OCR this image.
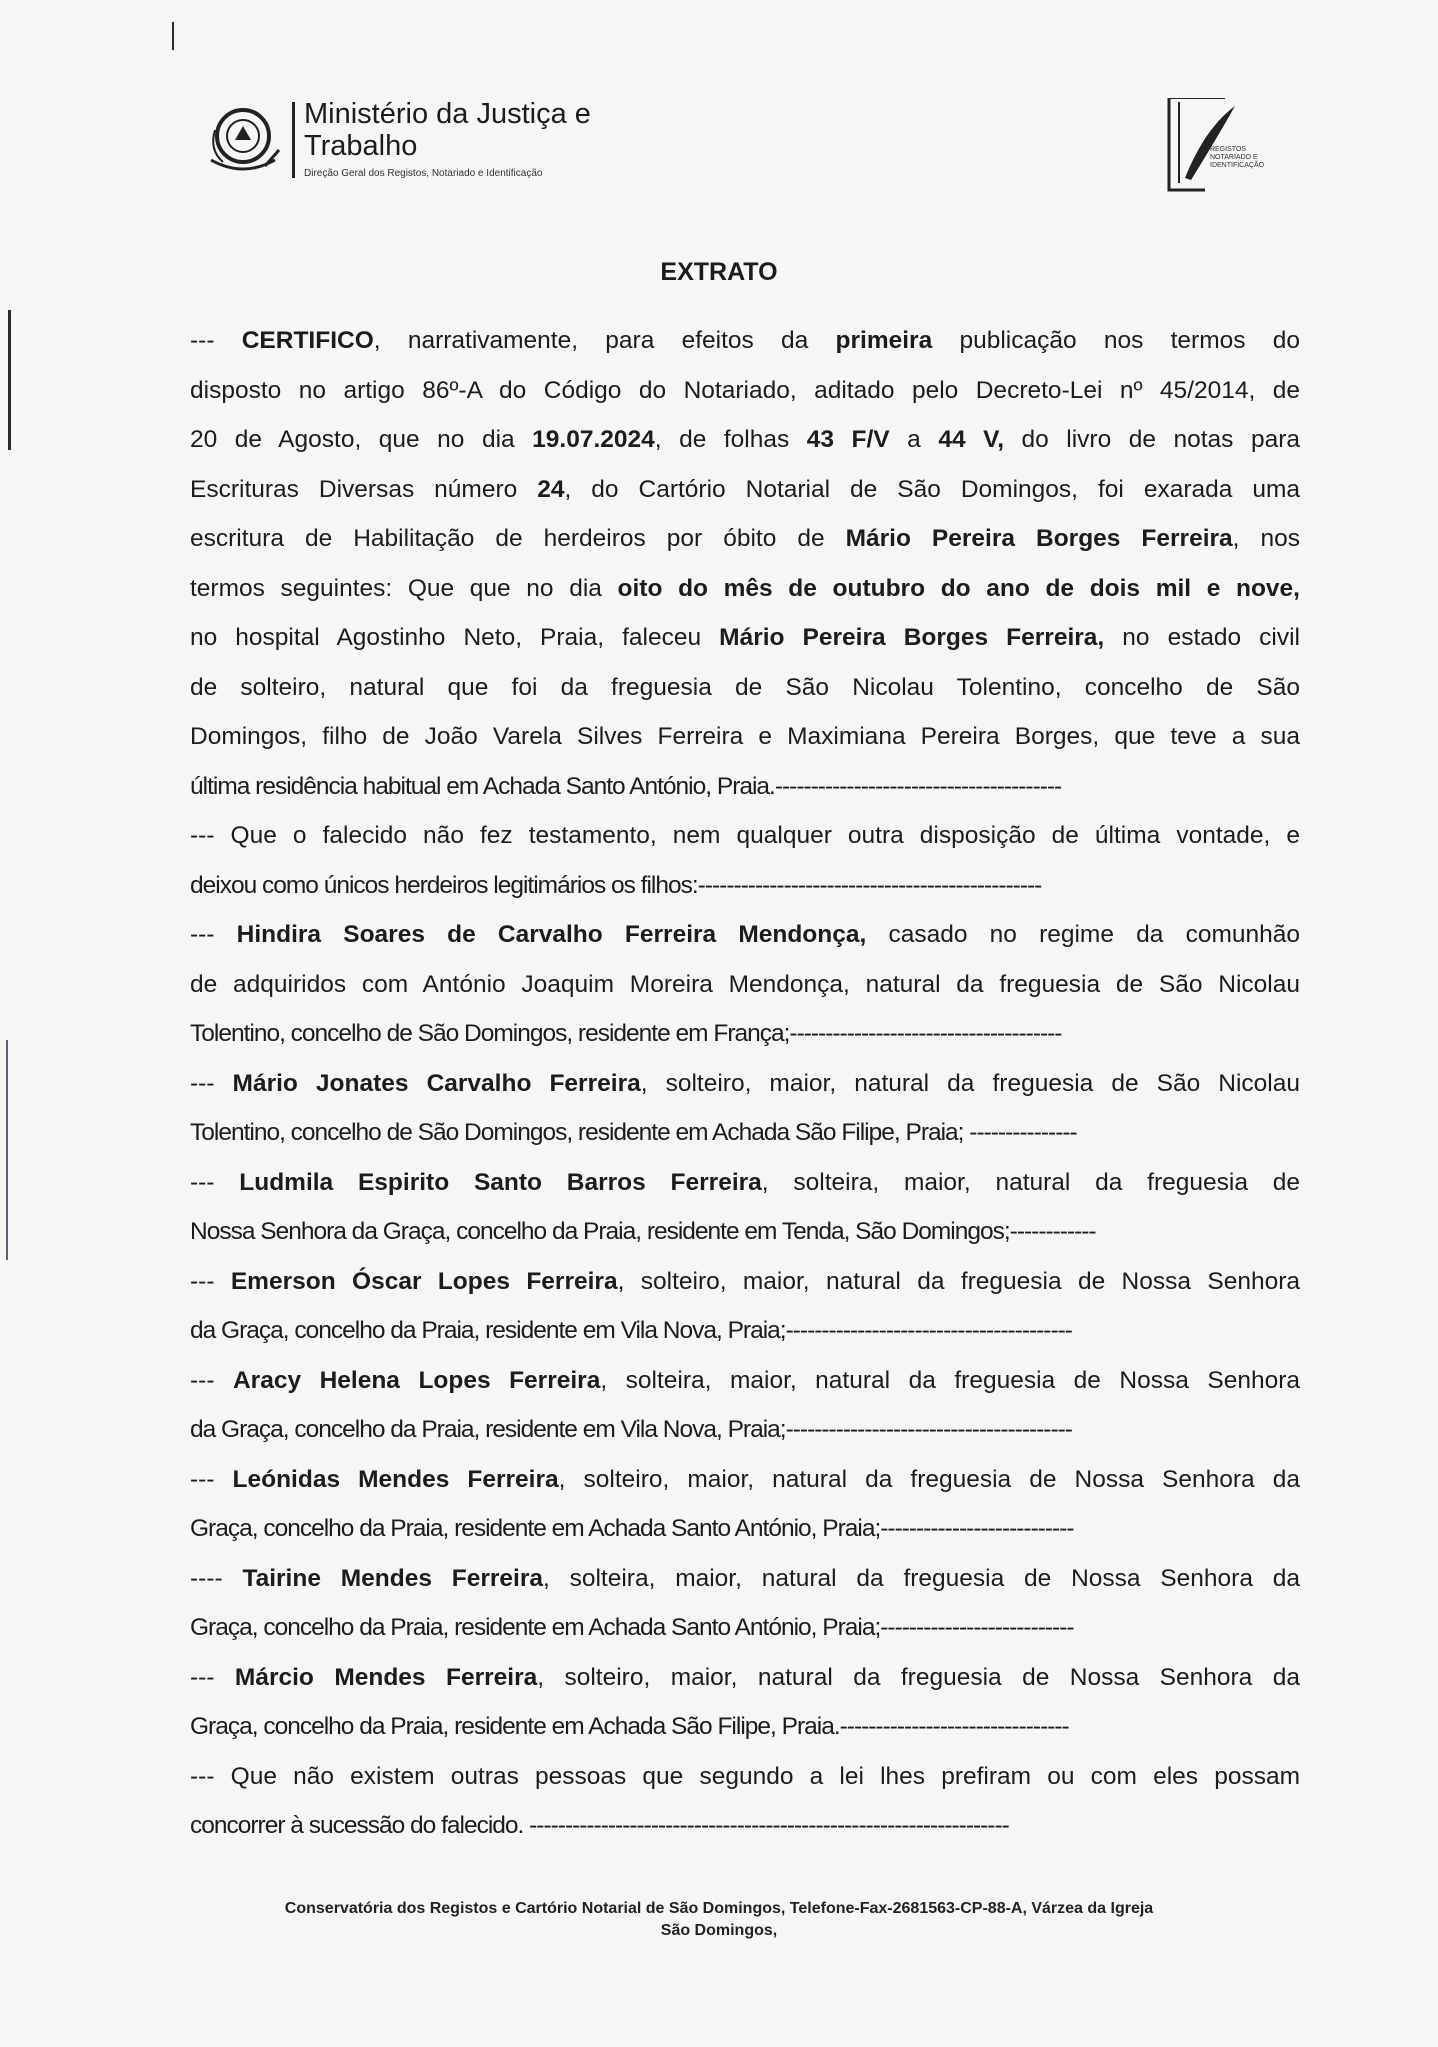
Ministério da Justiça e
Trabalho
Direção Geral dos Registos, Notariado e Identificação
REGISTOS NOTARIADO E IDENTIFICAÇÃO
EXTRATO
--- CERTIFICO, narrativamente, para efeitos da primeira publicação nos termos do
disposto no artigo 86º-A do Código do Notariado, aditado pelo Decreto-Lei nº 45/2014, de
20 de Agosto, que no dia 19.07.2024, de folhas 43 F/V a 44 V, do livro de notas para
Escrituras Diversas número 24, do Cartório Notarial de São Domingos, foi exarada uma
escritura de Habilitação de herdeiros por óbito de Mário Pereira Borges Ferreira, nos
termos seguintes: Que que no dia oito do mês de outubro do ano de dois mil e nove,
no hospital Agostinho Neto, Praia, faleceu Mário Pereira Borges Ferreira, no estado civil
de solteiro, natural que foi da freguesia de São Nicolau Tolentino, concelho de São
Domingos, filho de João Varela Silves Ferreira e Maximiana Pereira Borges, que teve a sua
última residência habitual em Achada Santo António, Praia.----------------------------------------
--- Que o falecido não fez testamento, nem qualquer outra disposição de última vontade, e
deixou como únicos herdeiros legitimários os filhos:------------------------------------------------
--- Hindira Soares de Carvalho Ferreira Mendonça, casado no regime da comunhão
de adquiridos com António Joaquim Moreira Mendonça, natural da freguesia de São Nicolau
Tolentino, concelho de São Domingos, residente em França;--------------------------------------
--- Mário Jonates Carvalho Ferreira, solteiro, maior, natural da freguesia de São Nicolau
Tolentino, concelho de São Domingos, residente em Achada São Filipe, Praia; ---------------
--- Ludmila Espirito Santo Barros Ferreira, solteira, maior, natural da freguesia de
Nossa Senhora da Graça, concelho da Praia, residente em Tenda, São Domingos;------------
--- Emerson Óscar Lopes Ferreira, solteiro, maior, natural da freguesia de Nossa Senhora
da Graça, concelho da Praia, residente em Vila Nova, Praia;----------------------------------------
--- Aracy Helena Lopes Ferreira, solteira, maior, natural da freguesia de Nossa Senhora
da Graça, concelho da Praia, residente em Vila Nova, Praia;----------------------------------------
--- Leónidas Mendes Ferreira, solteiro, maior, natural da freguesia de Nossa Senhora da
Graça, concelho da Praia, residente em Achada Santo António, Praia;---------------------------
---- Tairine Mendes Ferreira, solteira, maior, natural da freguesia de Nossa Senhora da
Graça, concelho da Praia, residente em Achada Santo António, Praia;---------------------------
--- Márcio Mendes Ferreira, solteiro, maior, natural da freguesia de Nossa Senhora da
Graça, concelho da Praia, residente em Achada São Filipe, Praia.--------------------------------
--- Que não existem outras pessoas que segundo a lei lhes prefiram ou com eles possam
concorrer à sucessão do falecido. -------------------------------------------------------------------
Conservatória dos Registos e Cartório Notarial de São Domingos, Telefone-Fax-2681563-CP-88-A, Várzea da Igreja
São Domingos,
